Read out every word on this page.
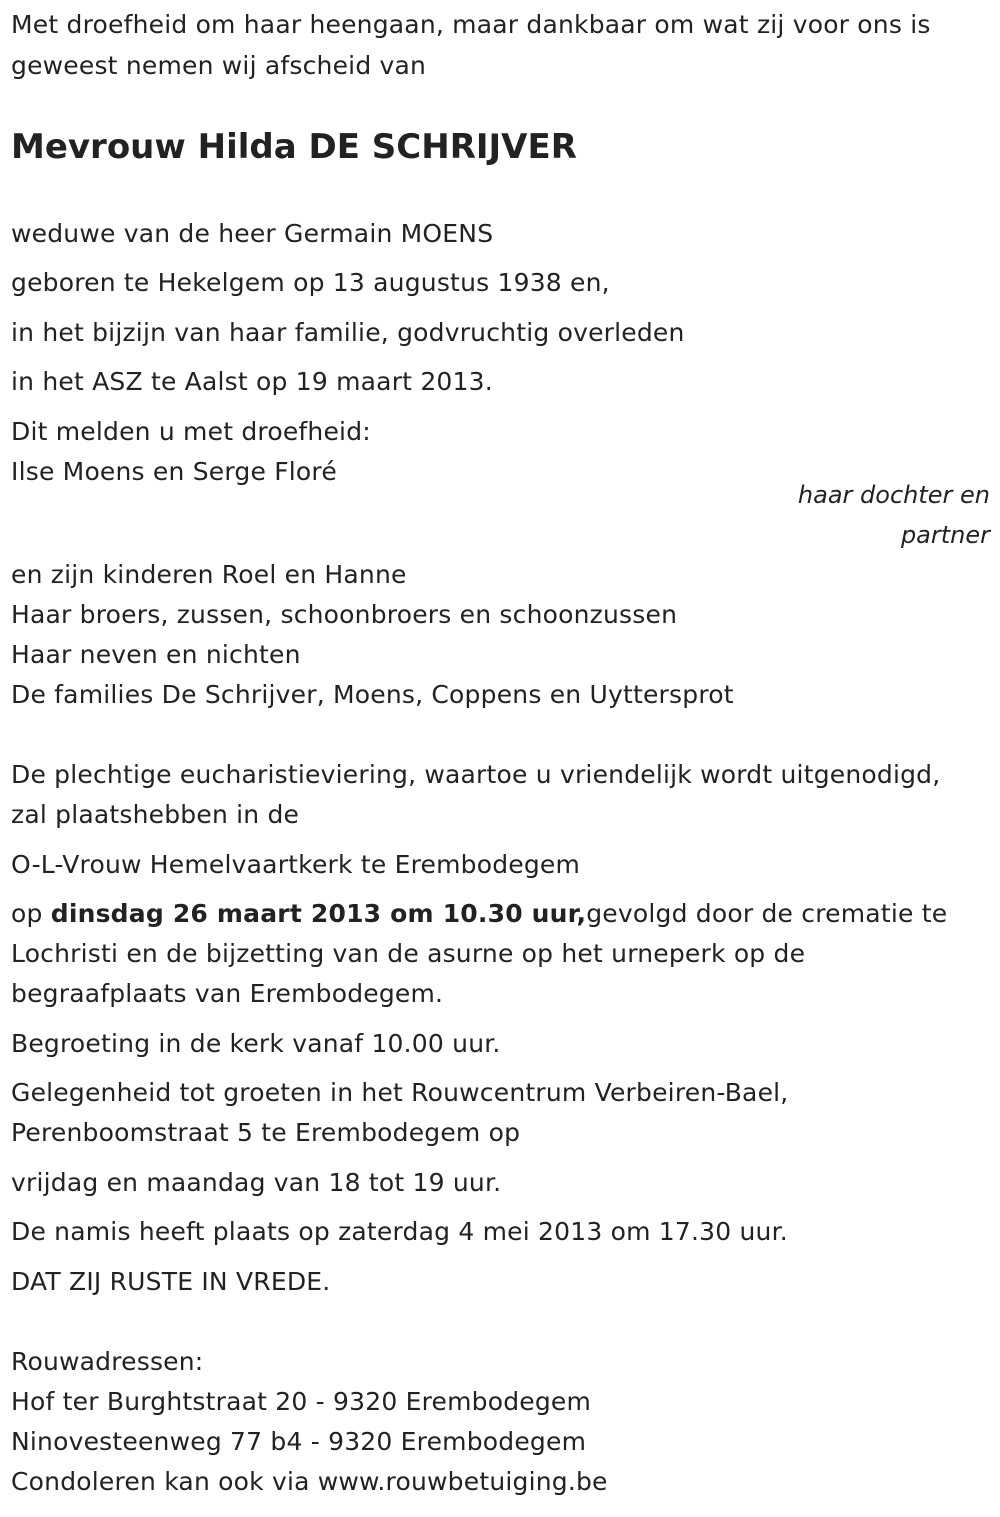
Met droefheid om haar heengaan, maar dankbaar om wat zij voor ons is
geweest nemen wij afscheid van
Mevrouw Hilda DE SCHRIJVER
weduwe van de heer Germain MOENS
geboren te Hekelgem op 13 augustus 1938 en,
in het bijzijn van haar familie, godvruchtig overleden
in het ASZ te Aalst op 19 maart 2013.
Dit melden u met droefheid:
Ilse Moens en Serge Floré
haar dochter en
partner
en zijn kinderen Roel en Hanne
Haar broers, zussen, schoonbroers en schoonzussen
Haar neven en nichten
De families De Schrijver, Moens, Coppens en Uyttersprot
De plechtige eucharistieviering, waartoe u vriendelijk wordt uitgenodigd,
zal plaatshebben in de
O-L-Vrouw Hemelvaartkerk te Erembodegem
op dinsdag 26 maart 2013 om 10.30 uur,gevolgd door de crematie te
Lochristi en de bijzetting van de asurne op het urneperk op de
begraafplaats van Erembodegem.
Begroeting in de kerk vanaf 10.00 uur.
Gelegenheid tot groeten in het Rouwcentrum Verbeiren-Bael,
Perenboomstraat 5 te Erembodegem op
vrijdag en maandag van 18 tot 19 uur.
De namis heeft plaats op zaterdag 4 mei 2013 om 17.30 uur.
DAT ZIJ RUSTE IN VREDE.
Rouwadressen:
Hof ter Burghtstraat 20 - 9320 Erembodegem
Ninovesteenweg 77 b4 - 9320 Erembodegem
Condoleren kan ook via www.rouwbetuiging.be
